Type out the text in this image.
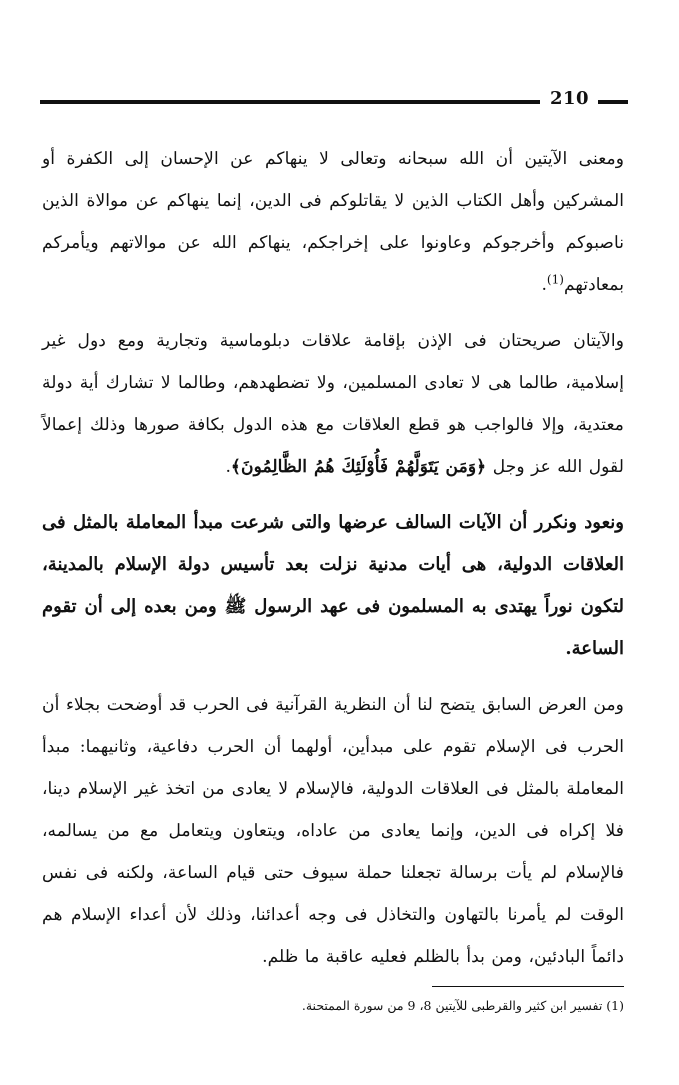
210

ومعنى الآيتين أن الله سبحانه وتعالى لا ينهاكم عن الإحسان إلى الكفرة أو المشركين وأهل الكتاب الذين لا يقاتلوكم فى الدين، إنما ينهاكم عن موالاة الذين ناصبوكم وأخرجوكم وعاونوا على إخراجكم، ينهاكم الله عن موالاتهم ويأمركم بمعادتهم$^{(1)}$.

والآيتان صريحتان فى الإذن بإقامة علاقات دبلوماسية وتجارية ومع دول غير إسلامية، طالما هى لا تعادى المسلمين، ولا تضطهدهم، وطالما لا تشارك أية دولة معتدية، وإلا فالواجب هو قطع العلاقات مع هذه الدول بكافة صورها وذلك إعمالاً لقول الله عز وجل ﴿وَمَن يَتَوَلَّهُمْ فَأُوْلَئِكَ هُمُ الظَّالِمُونَ﴾.

ونعود ونكرر أن الآيات السالف عرضها والتى شرعت مبدأ المعاملة بالمثل فى العلاقات الدولية، هى أيات مدنية نزلت بعد تأسيس دولة الإسلام بالمدينة، لتكون نوراً يهتدى به المسلمون فى عهد الرسول ﷺ ومن بعده إلى أن تقوم الساعة.

ومن العرض السابق يتضح لنا أن النظرية القرآنية فى الحرب قد أوضحت بجلاء أن الحرب فى الإسلام تقوم على مبدأين، أولهما أن الحرب دفاعية، وثانيهما: مبدأ المعاملة بالمثل فى العلاقات الدولية، فالإسلام لا يعادى من اتخذ غير الإسلام دينا، فلا إكراه فى الدين، وإنما يعادى من عاداه، ويتعاون ويتعامل مع من يسالمه، فالإسلام لم يأت برسالة تجعلنا حملة سيوف حتى قيام الساعة، ولكنه فى نفس الوقت لم يأمرنا بالتهاون والتخاذل فى وجه أعدائنا، وذلك لأن أعداء الإسلام هم دائماً البادئين، ومن بدأ بالظلم فعليه عاقبة ما ظلم.

(1) تفسير ابن كثير والقرطبى للآيتين 8، 9 من سورة الممتحنة.
